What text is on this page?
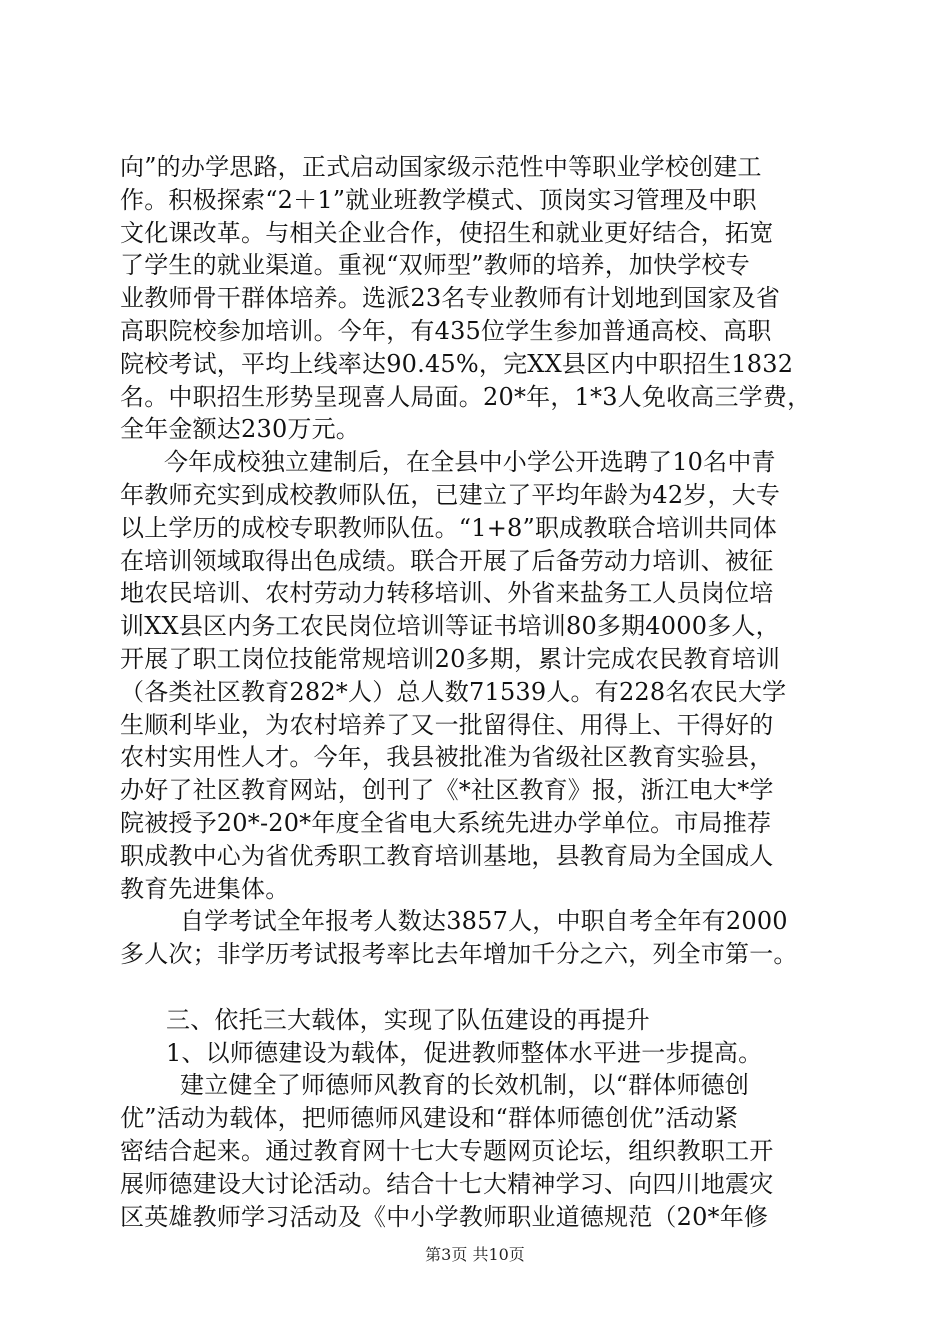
向”的办学思路，正式启动国家级示范性中等职业学校创建工
作。积极探索“2＋1”就业班教学模式、顶岗实习管理及中职
文化课改革。与相关企业合作，使招生和就业更好结合，拓宽
了学生的就业渠道。重视“双师型”教师的培养，加快学校专
业教师骨干群体培养。选派23名专业教师有计划地到国家及省
高职院校参加培训。今年，有435位学生参加普通高校、高职
院校考试，平均上线率达90.45%，完XX县区内中职招生1832
名。中职招生形势呈现喜人局面。20*年，1*3人免收高三学费，
全年金额达230万元。
今年成校独立建制后，在全县中小学公开选聘了10名中青
年教师充实到成校教师队伍，已建立了平均年龄为42岁，大专
以上学历的成校专职教师队伍。“1+8”职成教联合培训共同体
在培训领域取得出色成绩。联合开展了后备劳动力培训、被征
地农民培训、农村劳动力转移培训、外省来盐务工人员岗位培
训XX县区内务工农民岗位培训等证书培训80多期4000多人，
开展了职工岗位技能常规培训20多期，累计完成农民教育培训
（各类社区教育282*人）总人数71539人。有228名农民大学
生顺利毕业，为农村培养了又一批留得住、用得上、干得好的
农村实用性人才。今年，我县被批准为省级社区教育实验县，
办好了社区教育网站，创刊了《*社区教育》报，浙江电大*学
院被授予20*-20*年度全省电大系统先进办学单位。市局推荐
职成教中心为省优秀职工教育培训基地，县教育局为全国成人
教育先进集体。
自学考试全年报考人数达3857人，中职自考全年有2000
多人次；非学历考试报考率比去年增加千分之六，列全市第一。
三、依托三大载体，实现了队伍建设的再提升
1、以师德建设为载体，促进教师整体水平进一步提高。
建立健全了师德师风教育的长效机制，以“群体师德创
优”活动为载体，把师德师风建设和“群体师德创优”活动紧
密结合起来。通过教育网十七大专题网页论坛，组织教职工开
展师德建设大讨论活动。结合十七大精神学习、向四川地震灾
区英雄教师学习活动及《中小学教师职业道德规范（20*年修
第3页 共10页
